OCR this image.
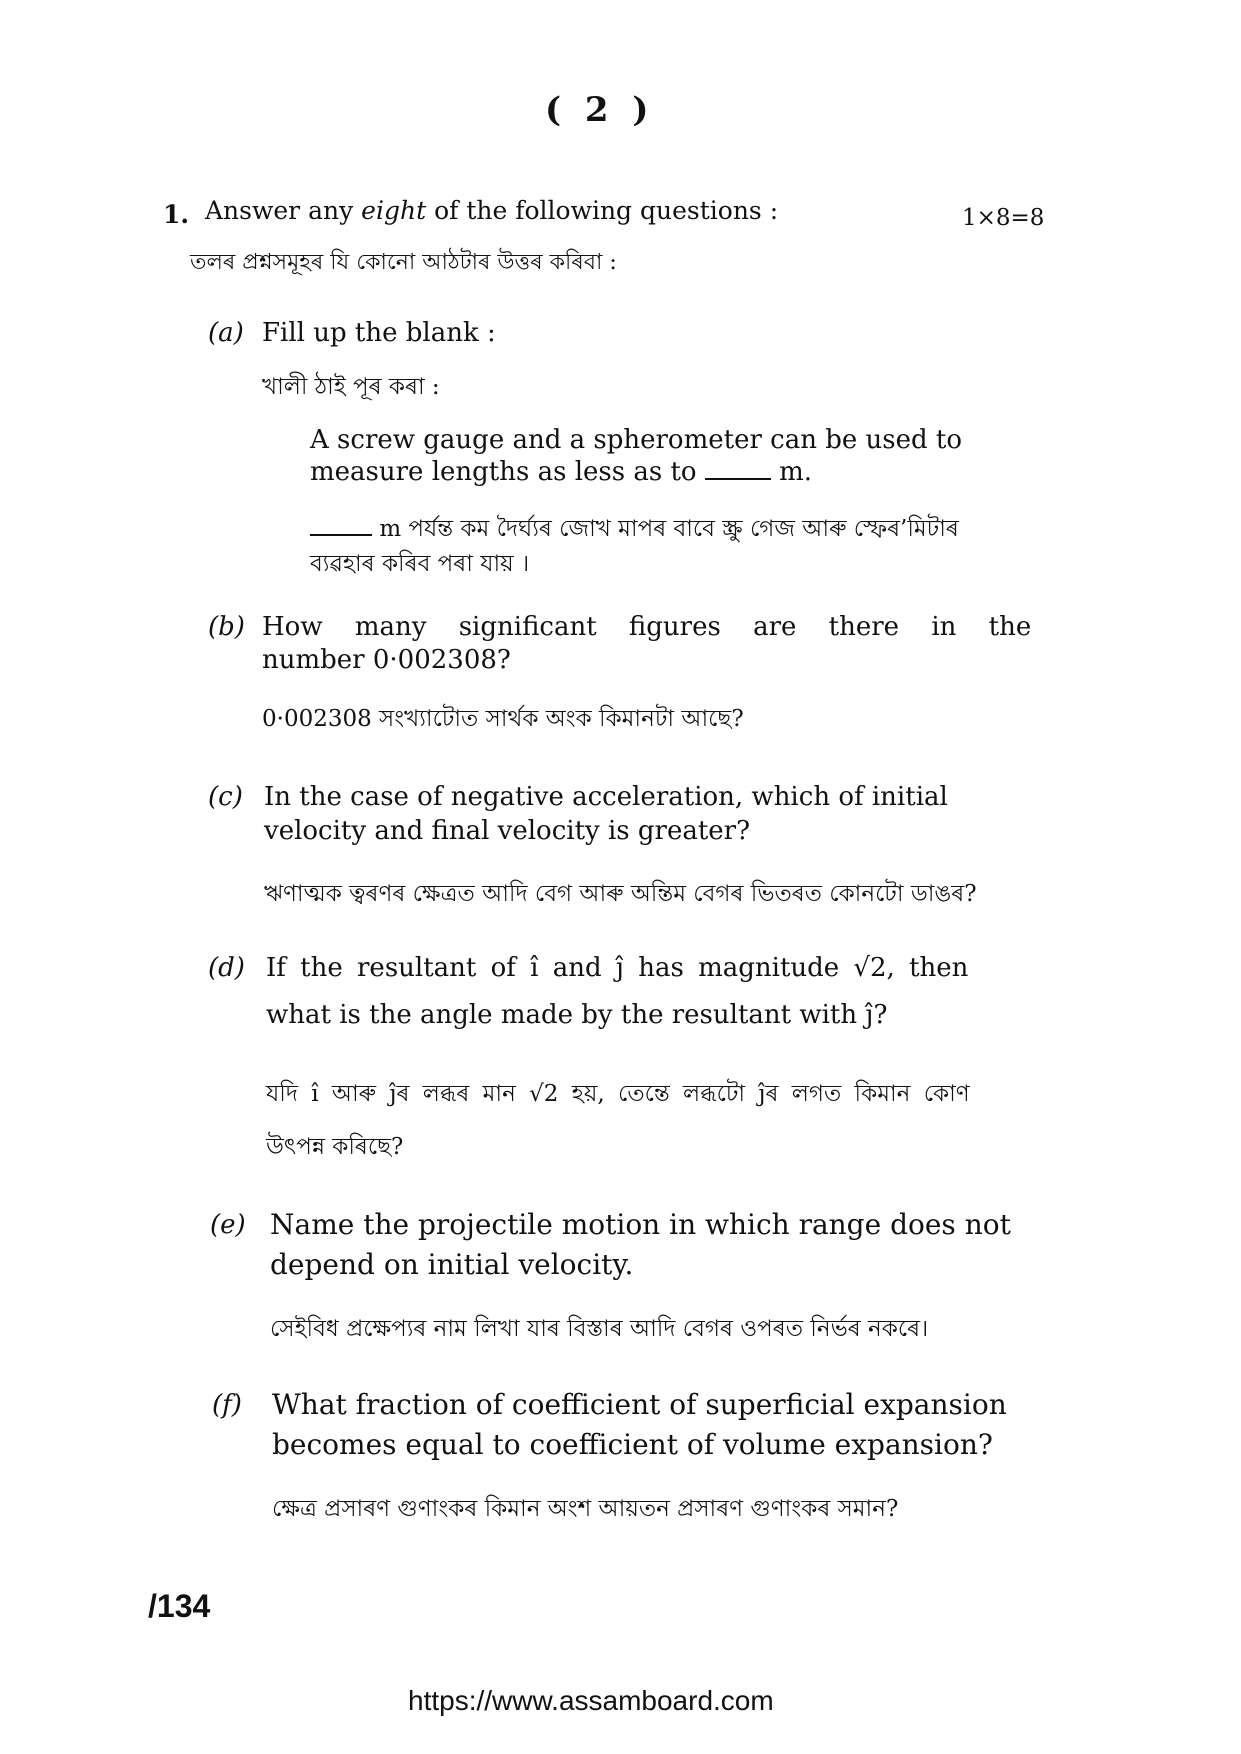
( 2 )
1. Answer any eight of the following questions :	1×8=8
তলৰ প্ৰশ্নসমূহৰ যি কোনো আঠটাৰ উত্তৰ কৰিবা :
(a) Fill up the blank :
খালী ঠাই পূৰ কৰা :
A screw gauge and a spherometer can be used to
measure lengths as less as to	m.
m পৰ্যন্ত কম দৈৰ্ঘ্যৰ জোখ মাপৰ বাবে স্ক্ৰু গেজ আৰু স্ফেৰ’মিটাৰ
ব্যৱহাৰ কৰিব পৰা যায় ।
(b) How many significant figures are there in the
number 0·002308?
0·002308 সংখ্যাটোত সাৰ্থক অংক কিমানটা আছে?
(c) In the case of negative acceleration, which of initial
velocity and final velocity is greater?
ঋণাত্মক ত্বৰণৰ ক্ষেত্ৰত আদি বেগ আৰু অন্তিম বেগৰ ভিতৰত কোনটো ডাঙৰ?
(d) If the resultant of î and ĵ has magnitude √2, then
what is the angle made by the resultant with ĵ?
যদি î আৰু ĵৰ লব্ধৰ মান √2 হয়, তেন্তে লব্ধটো ĵৰ লগত কিমান কোণ
উৎপন্ন কৰিছে?
(e) Name the projectile motion in which range does not
depend on initial velocity.
সেইবিধ প্ৰক্ষেপ্যৰ নাম লিখা যাৰ বিস্তাৰ আদি বেগৰ ওপৰত নিৰ্ভৰ নকৰে।
(f) What fraction of coefficient of superficial expansion
becomes equal to coefficient of volume expansion?
ক্ষেত্ৰ প্ৰসাৰণ গুণাংকৰ কিমান অংশ আয়তন প্ৰসাৰণ গুণাংকৰ সমান?
/134
https://www.assamboard.com
